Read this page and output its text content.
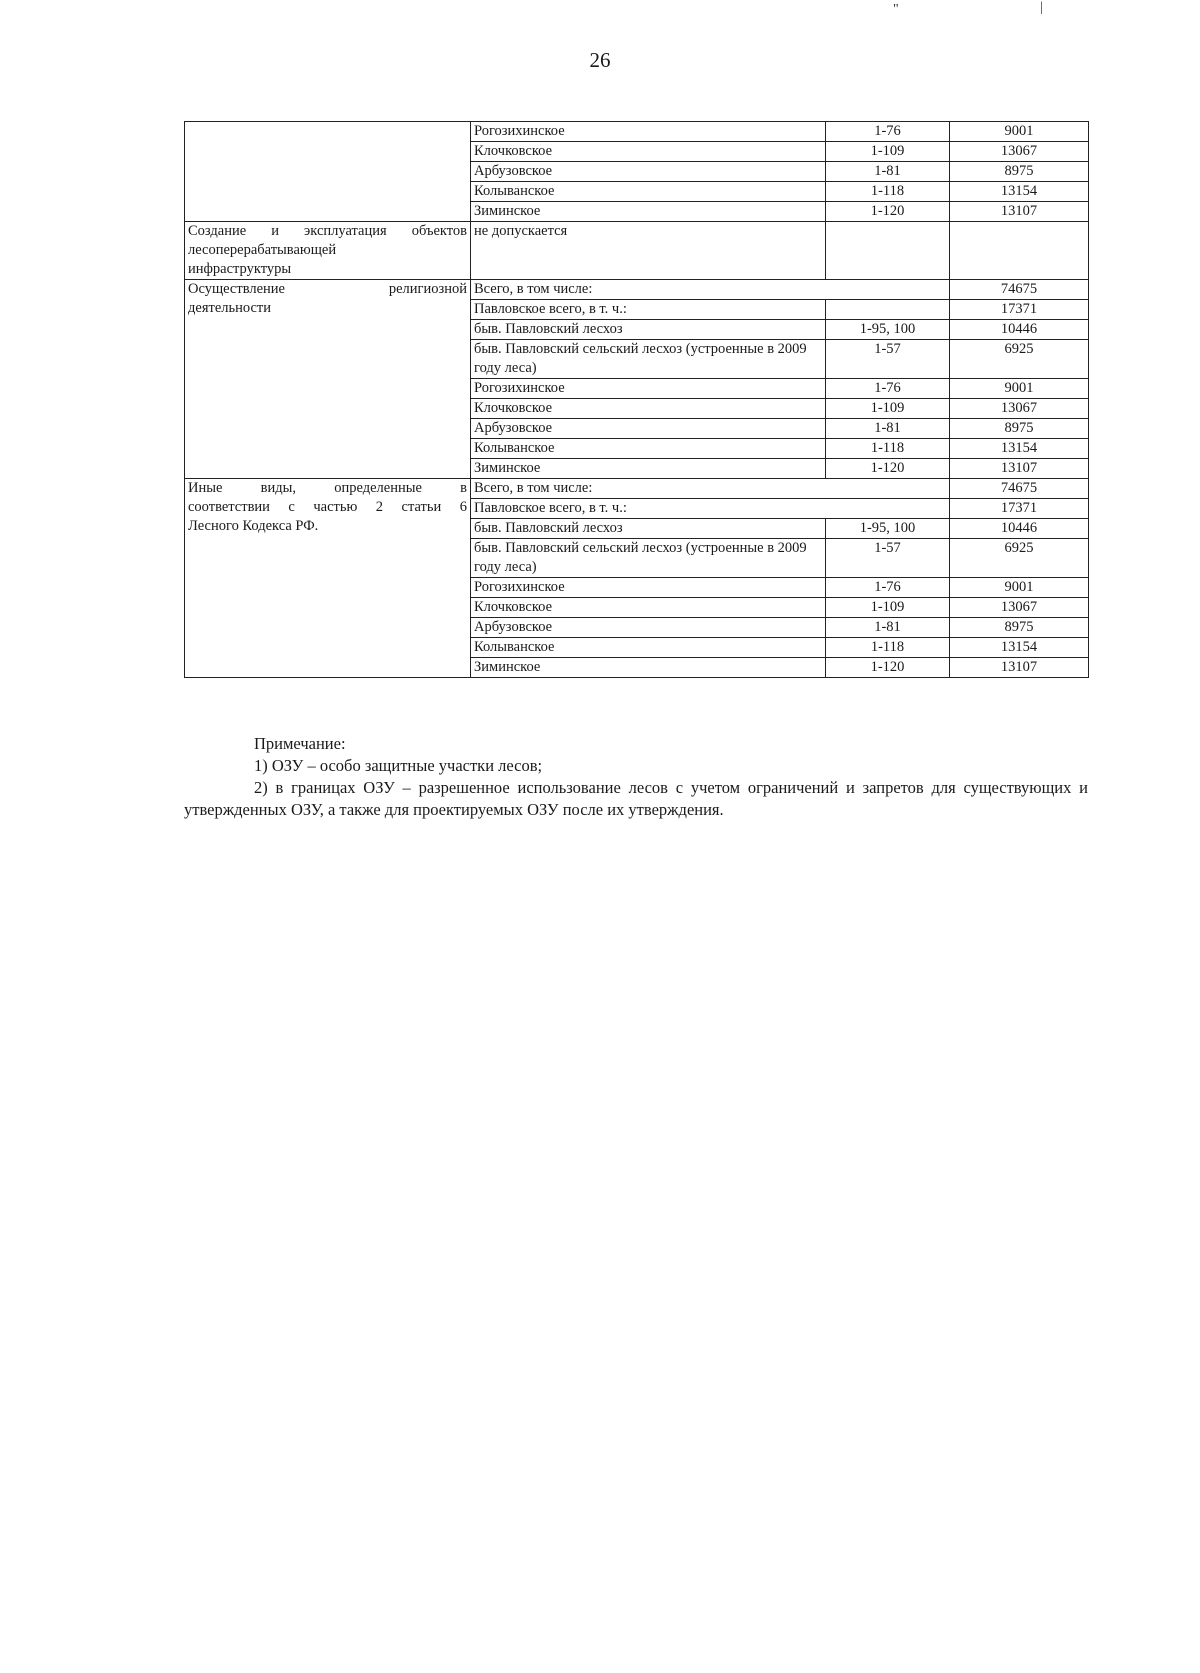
"	|
26
	Рогозихинское	1-76	9001
	Клочковское	1-109	13067
	Арбузовское	1-81	8975
	Колыванское	1-118	13154
	Зиминское	1-120	13107

Создание и эксплуатация объектов
лесоперерабатывающей
инфраструктуры	не допускается		

Осуществление религиозной
деятельности	Всего, в том числе:		74675
	Павловское всего, в т. ч.:		17371
	быв. Павловский лесхоз	1-95, 100	10446
	быв. Павловский сельский лесхоз (устроенные в 2009 году леса)	1-57	6925
	Рогозихинское	1-76	9001
	Клочковское	1-109	13067
	Арбузовское	1-81	8975
	Колыванское	1-118	13154
	Зиминское	1-120	13107

Иные виды, определенные в
соответствии с частью 2 статьи 6
Лесного Кодекса РФ.	Всего, в том числе:		74675
	Павловское всего, в т. ч.:		17371
	быв. Павловский лесхоз	1-95, 100	10446
	быв. Павловский сельский лесхоз (устроенные в 2009 году леса)	1-57	6925
	Рогозихинское	1-76	9001
	Клочковское	1-109	13067
	Арбузовское	1-81	8975
	Колыванское	1-118	13154
	Зиминское	1-120	13107

Примечание:

1) ОЗУ – особо защитные участки лесов;

2) в границах ОЗУ – разрешенное использование лесов с учетом ограничений и запретов для существующих и утвержденных ОЗУ, а также для проектируемых ОЗУ после их утверждения.
